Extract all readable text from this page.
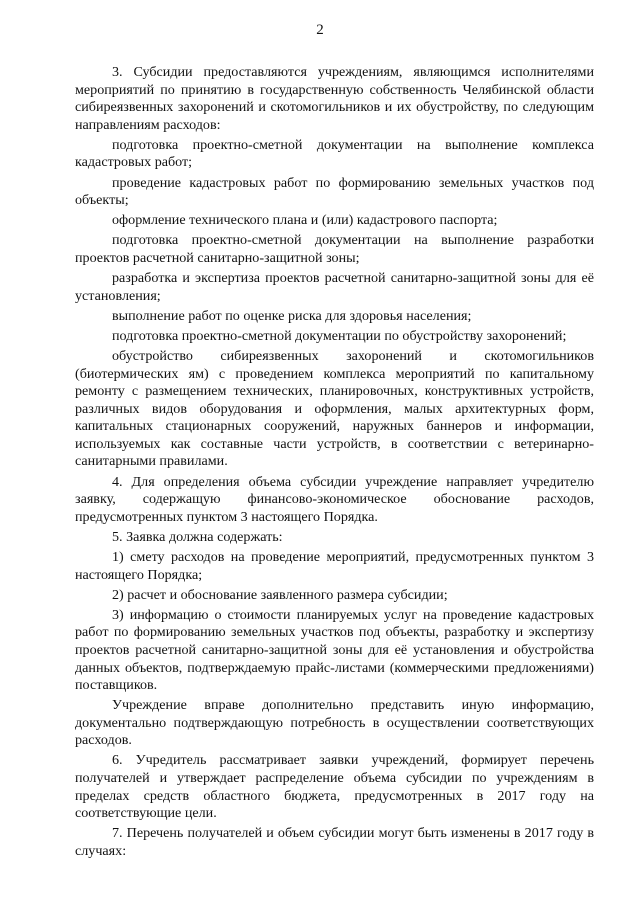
2

3. Субсидии предоставляются учреждениям, являющимся исполнителями мероприятий по принятию в государственную собственность Челябинской области сибиреязвенных захоронений и скотомогильников и их обустройству, по следующим направлениям расходов:

подготовка проектно-сметной документации на выполнение комплекса кадастровых работ;

проведение кадастровых работ по формированию земельных участков под объекты;

оформление технического плана и (или) кадастрового паспорта;

подготовка проектно-сметной документации на выполнение разработки проектов расчетной санитарно-защитной зоны;

разработка и экспертиза проектов расчетной санитарно-защитной зоны для её установления;

выполнение работ по оценке риска для здоровья населения;

подготовка проектно-сметной документации по обустройству захоронений;

обустройство сибиреязвенных захоронений и скотомогильников (биотермических ям) с проведением комплекса мероприятий по капитальному ремонту с размещением технических, планировочных, конструктивных устройств, различных видов оборудования и оформления, малых архитектурных форм, капитальных стационарных сооружений, наружных баннеров и информации, используемых как составные части устройств, в соответствии с ветеринарно-санитарными правилами.

4. Для определения объема субсидии учреждение направляет учредителю заявку, содержащую финансово-экономическое обоснование расходов, предусмотренных пунктом 3 настоящего Порядка.

5. Заявка должна содержать:

1) смету расходов на проведение мероприятий, предусмотренных пунктом 3 настоящего Порядка;

2) расчет и обоснование заявленного размера субсидии;

3) информацию о стоимости планируемых услуг на проведение кадастровых работ по формированию земельных участков под объекты, разработку и экспертизу проектов расчетной санитарно-защитной зоны для её установления и обустройства данных объектов, подтверждаемую прайс-листами (коммерческими предложениями) поставщиков.

Учреждение вправе дополнительно представить иную информацию, документально подтверждающую потребность в осуществлении соответствующих расходов.

6. Учредитель рассматривает заявки учреждений, формирует перечень получателей и утверждает распределение объема субсидии по учреждениям в пределах средств областного бюджета, предусмотренных в 2017 году на соответствующие цели.

7. Перечень получателей и объем субсидии могут быть изменены в 2017 году в случаях:
